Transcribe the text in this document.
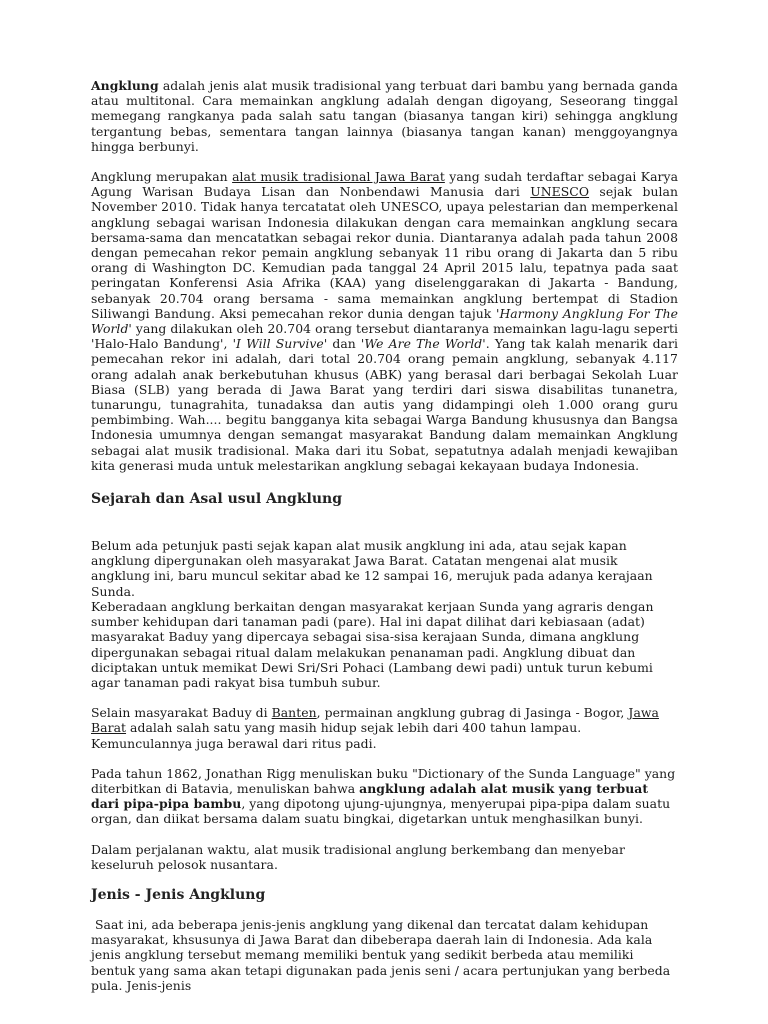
Angklung adalah jenis alat musik tradisional yang terbuat dari bambu yang bernada ganda atau multitonal. Cara memainkan angklung adalah dengan digoyang, Seseorang tinggal memegang rangkanya pada salah satu tangan (biasanya tangan kiri) sehingga angklung tergantung bebas, sementara tangan lainnya (biasanya tangan kanan) menggoyangnya hingga berbunyi.

Angklung merupakan alat musik tradisional Jawa Barat yang sudah terdaftar sebagai Karya Agung Warisan Budaya Lisan dan Nonbendawi Manusia dari UNESCO sejak bulan November 2010. Tidak hanya tercatatat oleh UNESCO, upaya pelestarian dan memperkenal angklung sebagai warisan Indonesia dilakukan dengan cara memainkan angklung secara bersama-sama dan mencatatkan sebagai rekor dunia. Diantaranya adalah pada tahun 2008 dengan pemecahan rekor pemain angklung sebanyak 11 ribu orang di Jakarta dan 5 ribu orang di Washington DC. Kemudian pada tanggal 24 April 2015 lalu, tepatnya pada saat peringatan Konferensi Asia Afrika (KAA) yang diselenggarakan di Jakarta - Bandung, sebanyak 20.704 orang bersama - sama memainkan angklung bertempat di Stadion Siliwangi Bandung. Aksi pemecahan rekor dunia dengan tajuk 'Harmony Angklung For The World' yang dilakukan oleh 20.704 orang tersebut diantaranya memainkan lagu-lagu seperti 'Halo-Halo Bandung', 'I Will Survive' dan 'We Are The World'. Yang tak kalah menarik dari pemecahan rekor ini adalah, dari total 20.704 orang pemain angklung, sebanyak 4.117 orang adalah anak berkebutuhan khusus (ABK) yang berasal dari berbagai Sekolah Luar Biasa (SLB) yang berada di Jawa Barat yang terdiri dari siswa disabilitas tunanetra, tunarungu, tunagrahita, tunadaksa dan autis yang didampingi oleh 1.000 orang guru pembimbing. Wah.... begitu bangganya kita sebagai Warga Bandung khususnya dan Bangsa Indonesia umumnya dengan semangat masyarakat Bandung dalam memainkan Angklung sebagai alat musik tradisional. Maka dari itu Sobat, sepatutnya adalah menjadi kewajiban kita generasi muda untuk melestarikan angklung sebagai kekayaan budaya Indonesia.

Sejarah dan Asal usul Angklung

Belum ada petunjuk pasti sejak kapan alat musik angklung ini ada, atau sejak kapan angklung dipergunakan oleh masyarakat Jawa Barat. Catatan mengenai alat musik angklung ini, baru muncul sekitar abad ke 12 sampai 16, merujuk pada adanya kerajaan Sunda.
Keberadaan angklung berkaitan dengan masyarakat kerjaan Sunda yang agraris dengan sumber kehidupan dari tanaman padi (pare). Hal ini dapat dilihat dari kebiasaan (adat) masyarakat Baduy yang dipercaya sebagai sisa-sisa kerajaan Sunda, dimana angklung dipergunakan sebagai ritual dalam melakukan penanaman padi. Angklung dibuat dan diciptakan untuk memikat Dewi Sri/Sri Pohaci (Lambang dewi padi) untuk turun kebumi agar tanaman padi rakyat bisa tumbuh subur.

Selain masyarakat Baduy di Banten, permainan angklung gubrag di Jasinga - Bogor, Jawa Barat adalah salah satu yang masih hidup sejak lebih dari 400 tahun lampau. Kemunculannya juga berawal dari ritus padi.

Pada tahun 1862, Jonathan Rigg menuliskan buku "Dictionary of the Sunda Language" yang diterbitkan di Batavia, menuliskan bahwa angklung adalah alat musik yang terbuat dari pipa-pipa bambu, yang dipotong ujung-ujungnya, menyerupai pipa-pipa dalam suatu organ, dan diikat bersama dalam suatu bingkai, digetarkan untuk menghasilkan bunyi.

Dalam perjalanan waktu, alat musik tradisional anglung berkembang dan menyebar keseluruh pelosok nusantara.

Jenis - Jenis Angklung

Saat ini, ada beberapa jenis-jenis angklung yang dikenal dan tercatat dalam kehidupan masyarakat, khsusunya di Jawa Barat dan dibeberapa daerah lain di Indonesia. Ada kala jenis angklung tersebut memang memiliki bentuk yang sedikit berbeda atau memiliki bentuk yang sama akan tetapi digunakan pada jenis seni / acara pertunjukan yang berbeda pula. Jenis-jenis
